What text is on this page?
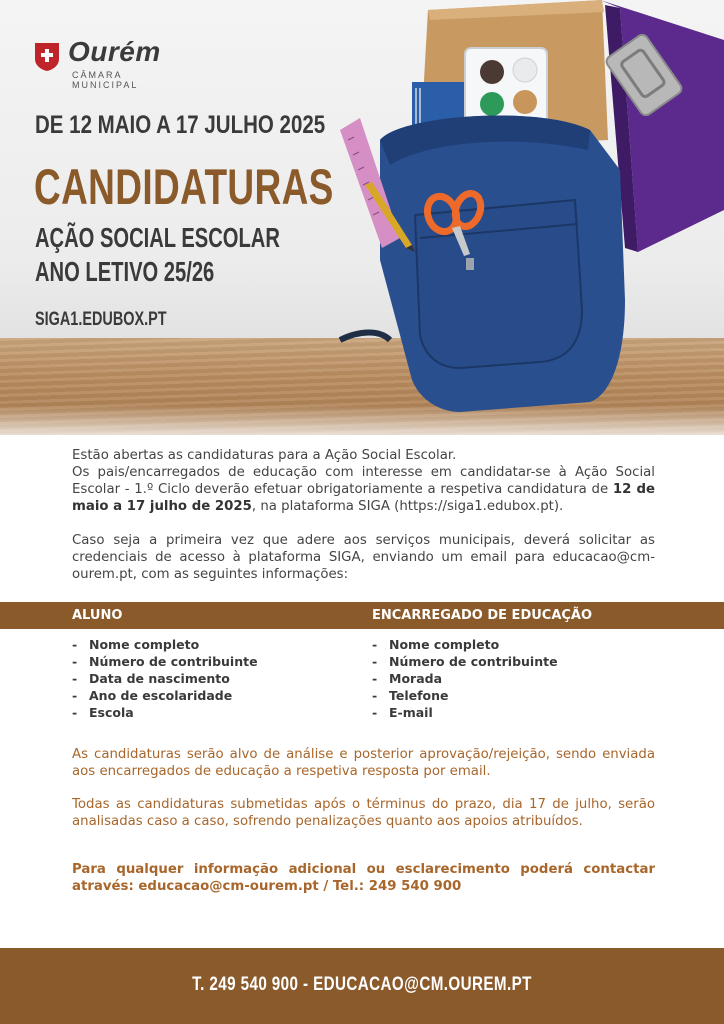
Ourém
CÂMARA MUNICIPAL
DE 12 MAIO A 17 JULHO 2025
CANDIDATURAS
AÇÃO SOCIAL ESCOLAR
ANO LETIVO 25/26
SIGA1.EDUBOX.PT

Estão abertas as candidaturas para a Ação Social Escolar.

Os pais/encarregados de educação com interesse em candidatar-se à Ação Social Escolar - 1.º Ciclo deverão efetuar obrigatoriamente a respetiva candidatura de 12 de maio a 17 julho de 2025, na plataforma SIGA (https://siga1.edubox.pt).

Caso seja a primeira vez que adere aos serviços municipais, deverá solicitar as credenciais de acesso à plataforma SIGA, enviando um email para educacao@cm-ourem.pt, com as seguintes informações:

ALUNO	ENCARREGADO DE EDUCAÇÃO
- Nome completo
- Número de contribuinte
- Data de nascimento
- Ano de escolaridade
- Escola
- Nome completo
- Número de contribuinte
- Morada
- Telefone
- E-mail

As candidaturas serão alvo de análise e posterior aprovação/rejeição, sendo enviada aos encarregados de educação a respetiva resposta por email.

Todas as candidaturas submetidas após o términus do prazo, dia 17 de julho, serão analisadas caso a caso, sofrendo penalizações quanto aos apoios atribuídos.

Para qualquer informação adicional ou esclarecimento poderá contactar através: educacao@cm-ourem.pt / Tel.: 249 540 900

T. 249 540 900 - EDUCACAO@CM.OUREM.PT
